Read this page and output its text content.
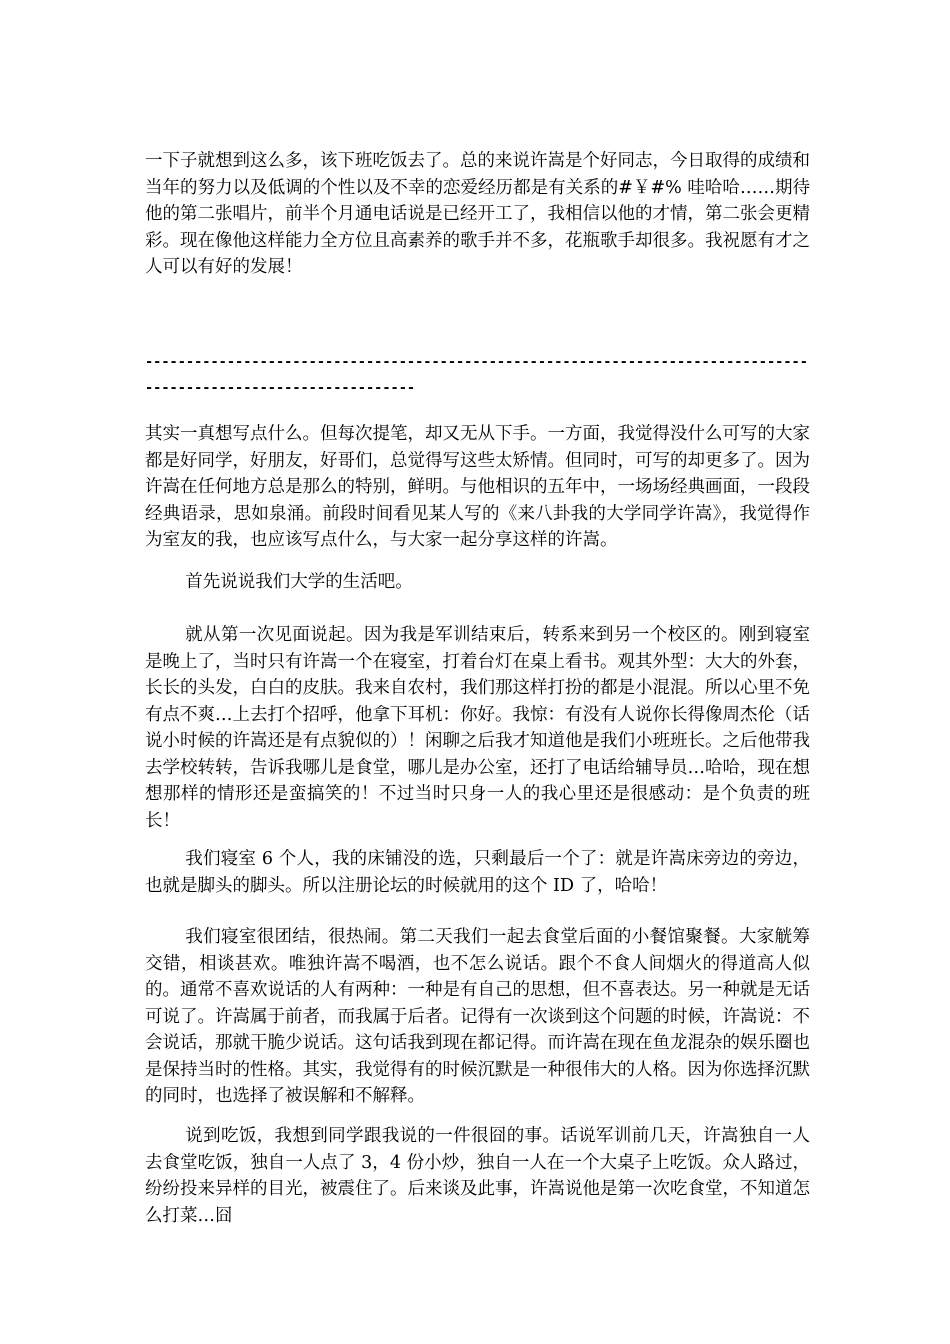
一下子就想到这么多，该下班吃饭去了。总的来说许嵩是个好同志，今日取得的成绩和当年的努力以及低调的个性以及不幸的恋爱经历都是有关系的#￥#% 哇哈哈……期待他的第二张唱片，前半个月通电话说是已经开工了，我相信以他的才情，第二张会更精彩。现在像他这样能力全方位且高素养的歌手并不多，花瓶歌手却很多。我祝愿有才之人可以有好的发展！

------------------------------------------------------------------------------------------------------------------

其实一真想写点什么。但每次提笔，却又无从下手。一方面，我觉得没什么可写的大家都是好同学，好朋友，好哥们，总觉得写这些太矫情。但同时，可写的却更多了。因为许嵩在任何地方总是那么的特别，鲜明。与他相识的五年中，一场场经典画面，一段段经典语录，思如泉涌。前段时间看见某人写的《来八卦我的大学同学许嵩》，我觉得作为室友的我，也应该写点什么，与大家一起分享这样的许嵩。

首先说说我们大学的生活吧。

就从第一次见面说起。因为我是军训结束后，转系来到另一个校区的。刚到寝室是晚上了，当时只有许嵩一个在寝室，打着台灯在桌上看书。观其外型：大大的外套，长长的头发，白白的皮肤。我来自农村，我们那这样打扮的都是小混混。所以心里不免有点不爽…上去打个招呼，他拿下耳机：你好。我惊：有没有人说你长得像周杰伦（话说小时候的许嵩还是有点貌似的）！闲聊之后我才知道他是我们小班班长。之后他带我去学校转转，告诉我哪儿是食堂，哪儿是办公室，还打了电话给辅导员…哈哈，现在想想那样的情形还是蛮搞笑的！不过当时只身一人的我心里还是很感动：是个负责的班长！

我们寝室 6 个人，我的床铺没的选，只剩最后一个了：就是许嵩床旁边的旁边，也就是脚头的脚头。所以注册论坛的时候就用的这个 ID 了，哈哈！

我们寝室很团结，很热闹。第二天我们一起去食堂后面的小餐馆聚餐。大家觥筹交错，相谈甚欢。唯独许嵩不喝酒，也不怎么说话。跟个不食人间烟火的得道高人似的。通常不喜欢说话的人有两种：一种是有自己的思想，但不喜表达。另一种就是无话可说了。许嵩属于前者，而我属于后者。记得有一次谈到这个问题的时候，许嵩说：不会说话，那就干脆少说话。这句话我到现在都记得。而许嵩在现在鱼龙混杂的娱乐圈也是保持当时的性格。其实，我觉得有的时候沉默是一种很伟大的人格。因为你选择沉默的同时，也选择了被误解和不解释。

说到吃饭，我想到同学跟我说的一件很囧的事。话说军训前几天，许嵩独自一人去食堂吃饭，独自一人点了 3，4 份小炒，独自一人在一个大桌子上吃饭。众人路过，纷纷投来异样的目光，被震住了。后来谈及此事，许嵩说他是第一次吃食堂，不知道怎么打菜…囧
